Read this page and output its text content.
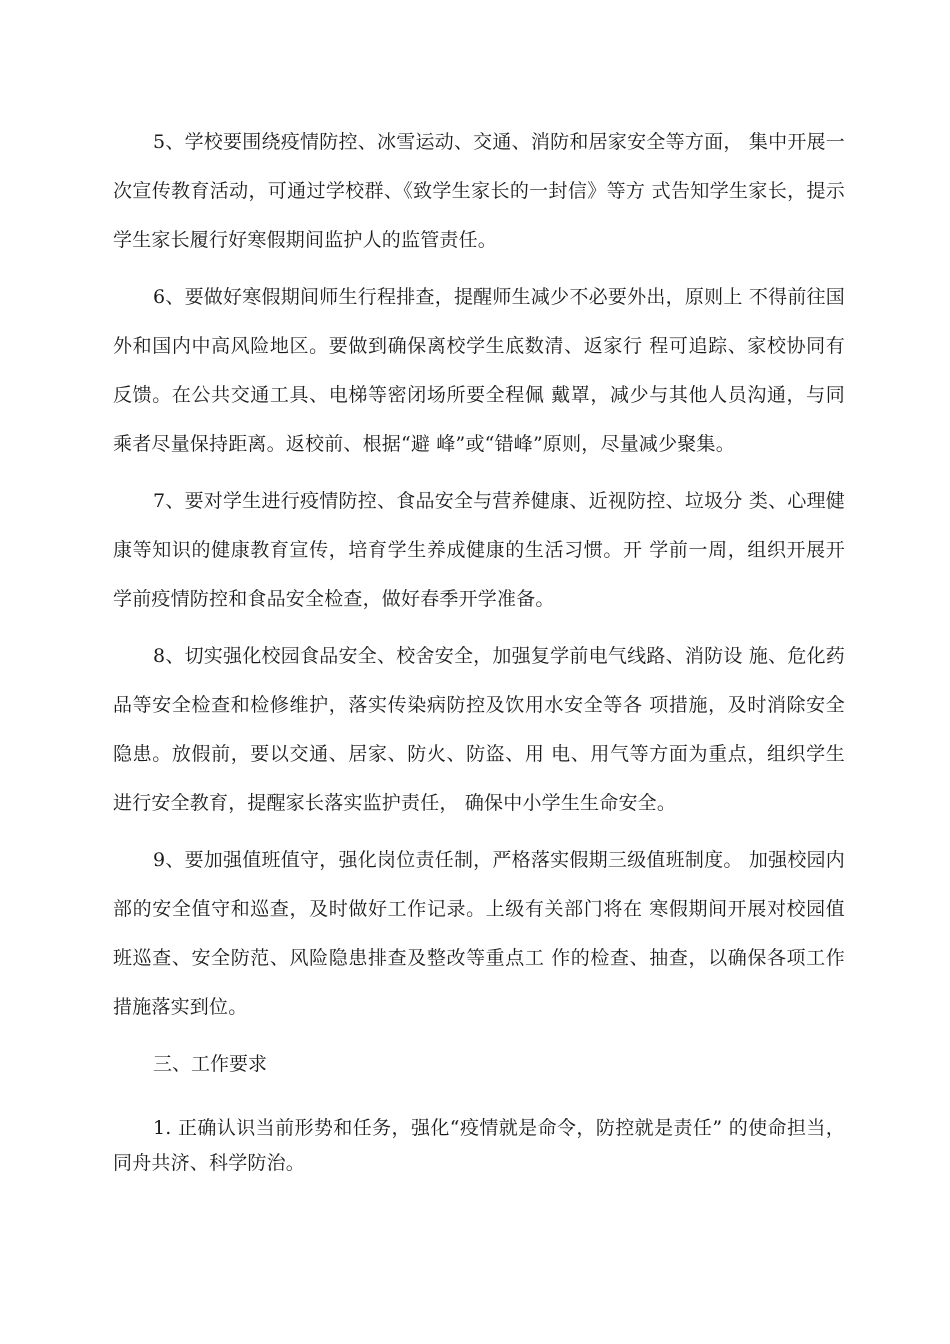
5、学校要围绕疫情防控、冰雪运动、交通、消防和居家安全等方面， 集中开展一次宣传教育活动，可通过学校群、《致学生家长的一封信》等方 式告知学生家长，提示学生家长履行好寒假期间监护人的监管责任。

6、要做好寒假期间师生行程排查，提醒师生减少不必要外出，原则上 不得前往国外和国内中高风险地区。要做到确保离校学生底数清、返家行 程可追踪、家校协同有反馈。在公共交通工具、电梯等密闭场所要全程佩 戴罩，减少与其他人员沟通，与同乘者尽量保持距离。返校前、根据“避 峰”或“错峰”原则，尽量减少聚集。

7、要对学生进行疫情防控、食品安全与营养健康、近视防控、垃圾分 类、心理健康等知识的健康教育宣传，培育学生养成健康的生活习惯。开 学前一周，组织开展开学前疫情防控和食品安全检查，做好春季开学准备。

8、切实强化校园食品安全、校舍安全，加强复学前电气线路、消防设 施、危化药品等安全检查和检修维护，落实传染病防控及饮用水安全等各 项措施，及时消除安全隐患。放假前，要以交通、居家、防火、防盗、用 电、用气等方面为重点，组织学生进行安全教育，提醒家长落实监护责任， 确保中小学生生命安全。

9、要加强值班值守，强化岗位责任制，严格落实假期三级值班制度。 加强校园内部的安全值守和巡查，及时做好工作记录。上级有关部门将在 寒假期间开展对校园值班巡查、安全防范、风险隐患排查及整改等重点工 作的检查、抽查，以确保各项工作措施落实到位。

三、工作要求

1. 正确认识当前形势和任务，强化“疫情就是命令，防控就是责任” 的使命担当，同舟共济、科学防治。
